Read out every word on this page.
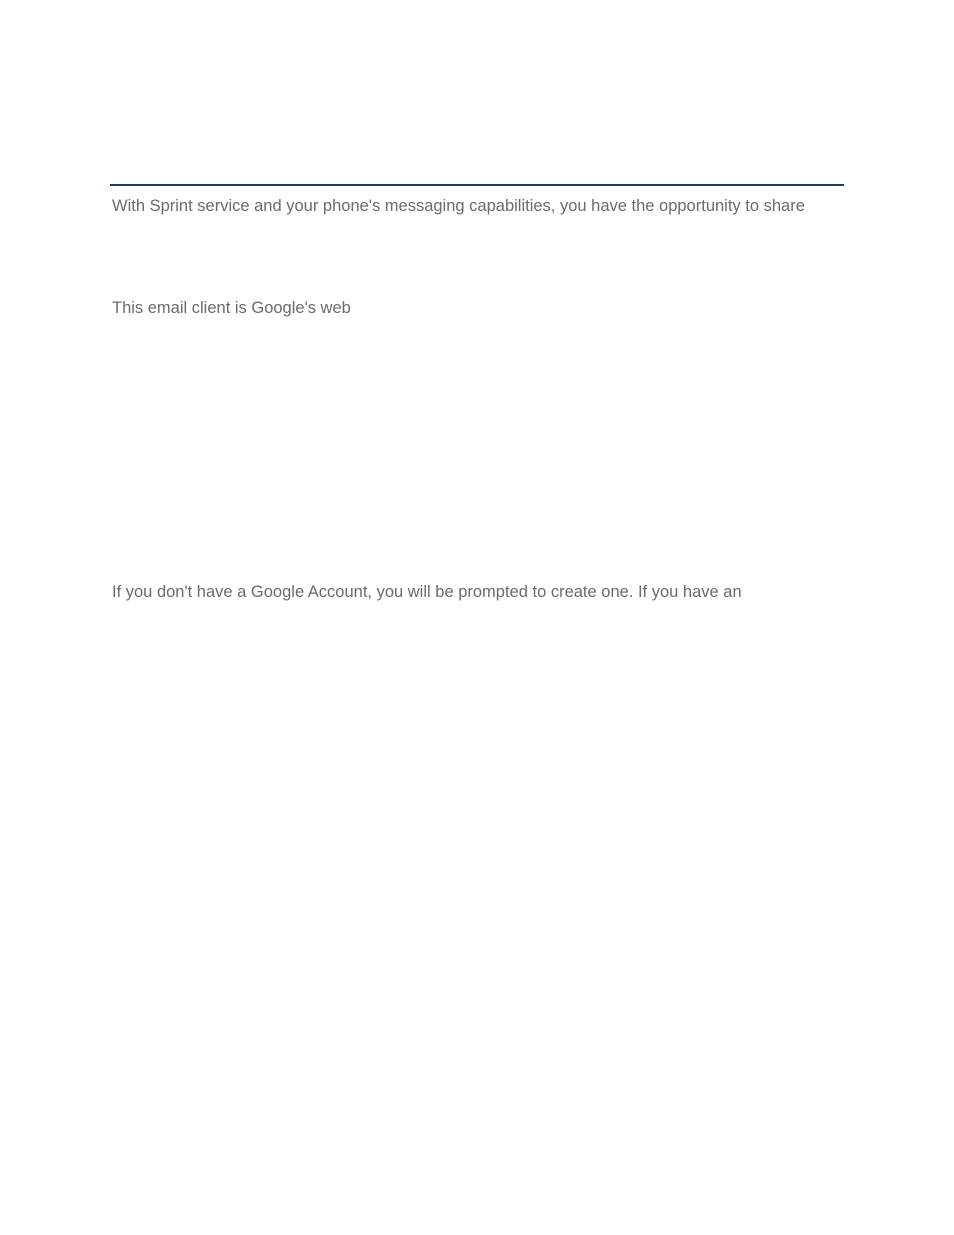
With Sprint service and your phone's messaging capabilities, you have the opportunity to share

This email client is Google's web

If you don't have a Google Account, you will be prompted to create one. If you have an
